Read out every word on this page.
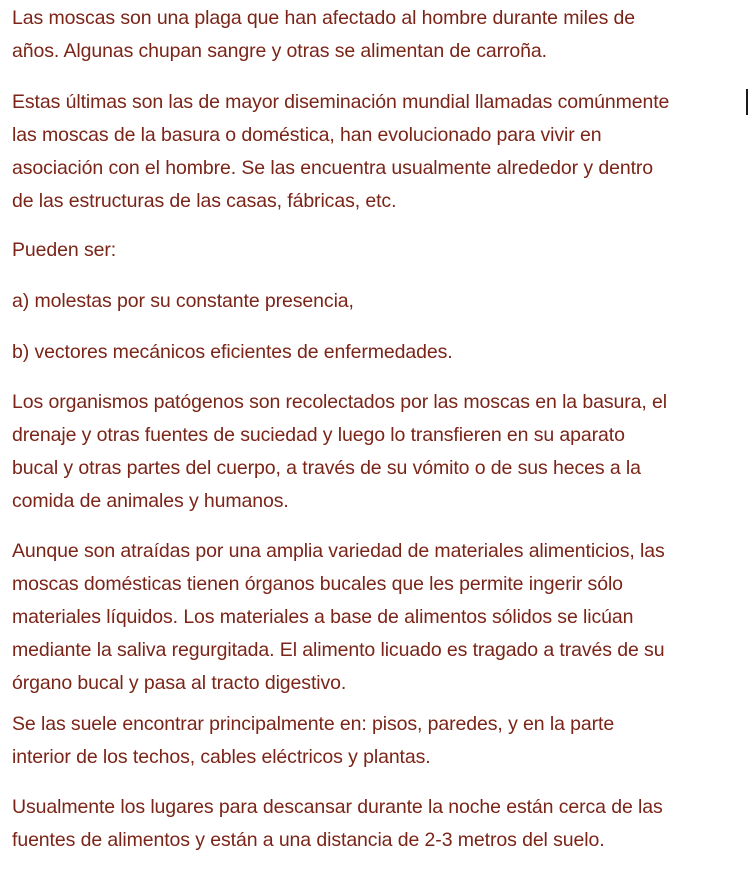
Las moscas son una plaga que han afectado al hombre durante miles de
años. Algunas chupan sangre y otras se alimentan de carroña.

Estas últimas son las de mayor diseminación mundial llamadas comúnmente
las moscas de la basura o doméstica, han evolucionado para vivir en
asociación con el hombre. Se las encuentra usualmente alrededor y dentro
de las estructuras de las casas, fábricas, etc.

Pueden ser:

a) molestas por su constante presencia,

b) vectores mecánicos eficientes de enfermedades.

Los organismos patógenos son recolectados por las moscas en la basura, el
drenaje y otras fuentes de suciedad y luego lo transfieren en su aparato
bucal y otras partes del cuerpo, a través de su vómito o de sus heces a la
comida de animales y humanos.

Aunque son atraídas por una amplia variedad de materiales alimenticios, las
moscas domésticas tienen órganos bucales que les permite ingerir sólo
materiales líquidos. Los materiales a base de alimentos sólidos se licúan
mediante la saliva regurgitada. El alimento licuado es tragado a través de su
órgano bucal y pasa al tracto digestivo.

Se las suele encontrar principalmente en: pisos, paredes, y en la parte
interior de los techos, cables eléctricos y plantas.

Usualmente los lugares para descansar durante la noche están cerca de las
fuentes de alimentos y están a una distancia de 2-3 metros del suelo.
